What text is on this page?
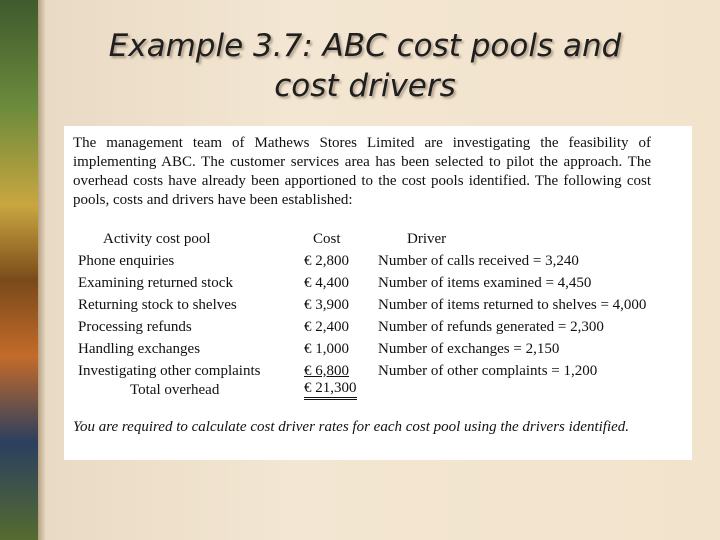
Example 3.7: ABC cost pools and
cost drivers

The management team of Mathews Stores Limited are investigating the feasibility of implementing ABC. The customer services area has been selected to pilot the approach. The overhead costs have already been apportioned to the cost pools identified. The following cost pools, costs and drivers have been established:

Activity cost pool	Cost	Driver
Phone enquiries	€ 2,800 Number of calls received = 3,240
Examining returned stock	€ 4,400 Number of items examined = 4,450
Returning stock to shelves	€ 3,900 Number of items returned to shelves = 4,000
Processing refunds	€ 2,400 Number of refunds generated = 2,300
Handling exchanges	€ 1,000 Number of exchanges = 2,150
Investigating other complaints	€ 6,800 Number of other complaints = 1,200
Total overhead	€ 21,300

You are required to calculate cost driver rates for each cost pool using the drivers identified.
